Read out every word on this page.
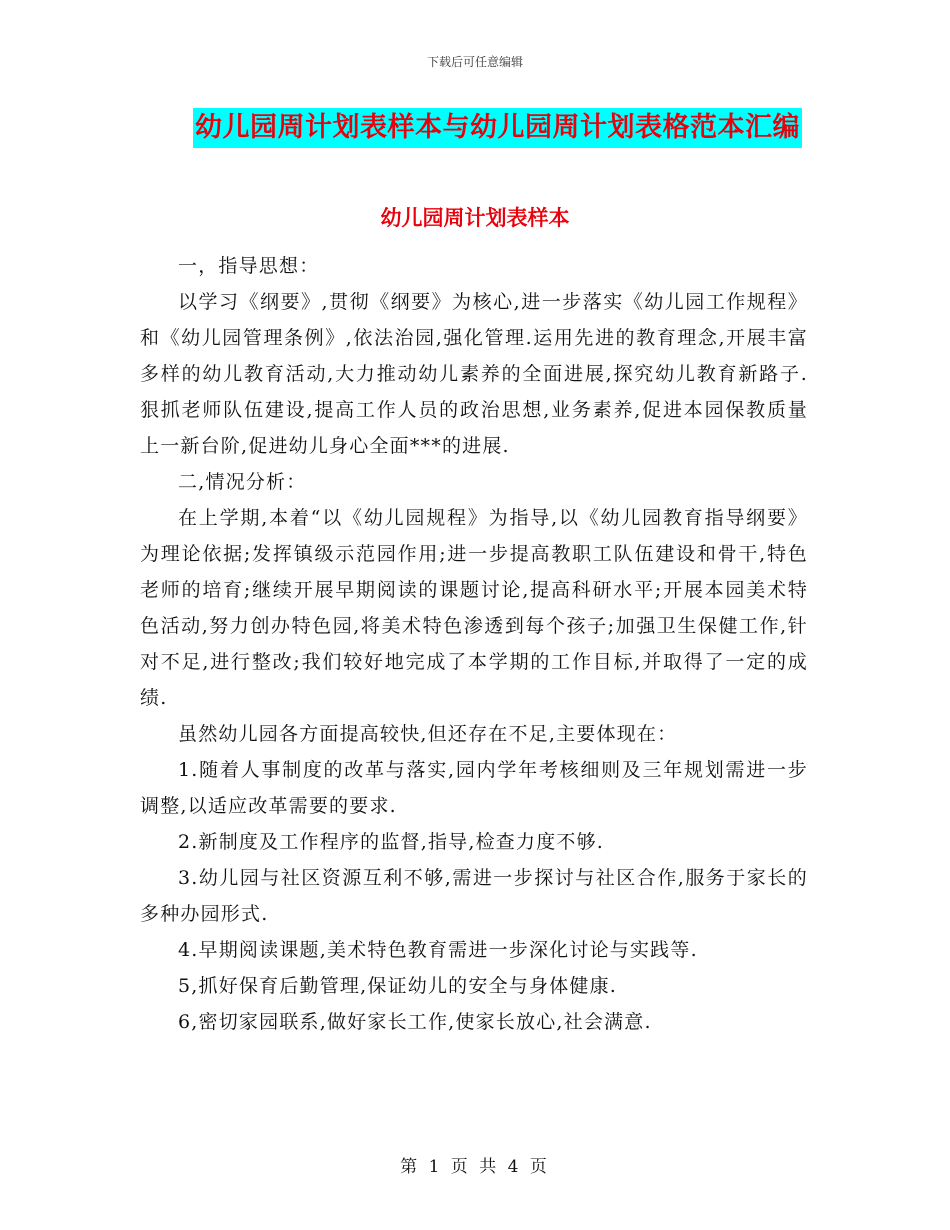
下载后可任意编辑
幼儿园周计划表样本与幼儿园周计划表格范本汇编
幼儿园周计划表样本

一，指导思想：

以学习《纲要》,贯彻《纲要》为核心,进一步落实《幼儿园工作规程》和《幼儿园管理条例》,依法治园,强化管理.运用先进的教育理念,开展丰富多样的幼儿教育活动,大力推动幼儿素养的全面进展,探究幼儿教育新路子.狠抓老师队伍建设,提高工作人员的政治思想,业务素养,促进本园保教质量上一新台阶,促进幼儿身心全面***的进展.

二,情况分析：

在上学期,本着“以《幼儿园规程》为指导,以《幼儿园教育指导纲要》为理论依据;发挥镇级示范园作用;进一步提高教职工队伍建设和骨干,特色老师的培育;继续开展早期阅读的课题讨论,提高科研水平;开展本园美术特色活动,努力创办特色园,将美术特色渗透到每个孩子;加强卫生保健工作,针对不足,进行整改;我们较好地完成了本学期的工作目标,并取得了一定的成绩.

虽然幼儿园各方面提高较快,但还存在不足,主要体现在：

1.随着人事制度的改革与落实,园内学年考核细则及三年规划需进一步调整,以适应改革需要的要求.

2.新制度及工作程序的监督,指导,检查力度不够.

3.幼儿园与社区资源互利不够,需进一步探讨与社区合作,服务于家长的多种办园形式.

4.早期阅读课题,美术特色教育需进一步深化讨论与实践等.

5,抓好保育后勤管理,保证幼儿的安全与身体健康.

6,密切家园联系,做好家长工作,使家长放心,社会满意.

第 1 页 共 4 页
